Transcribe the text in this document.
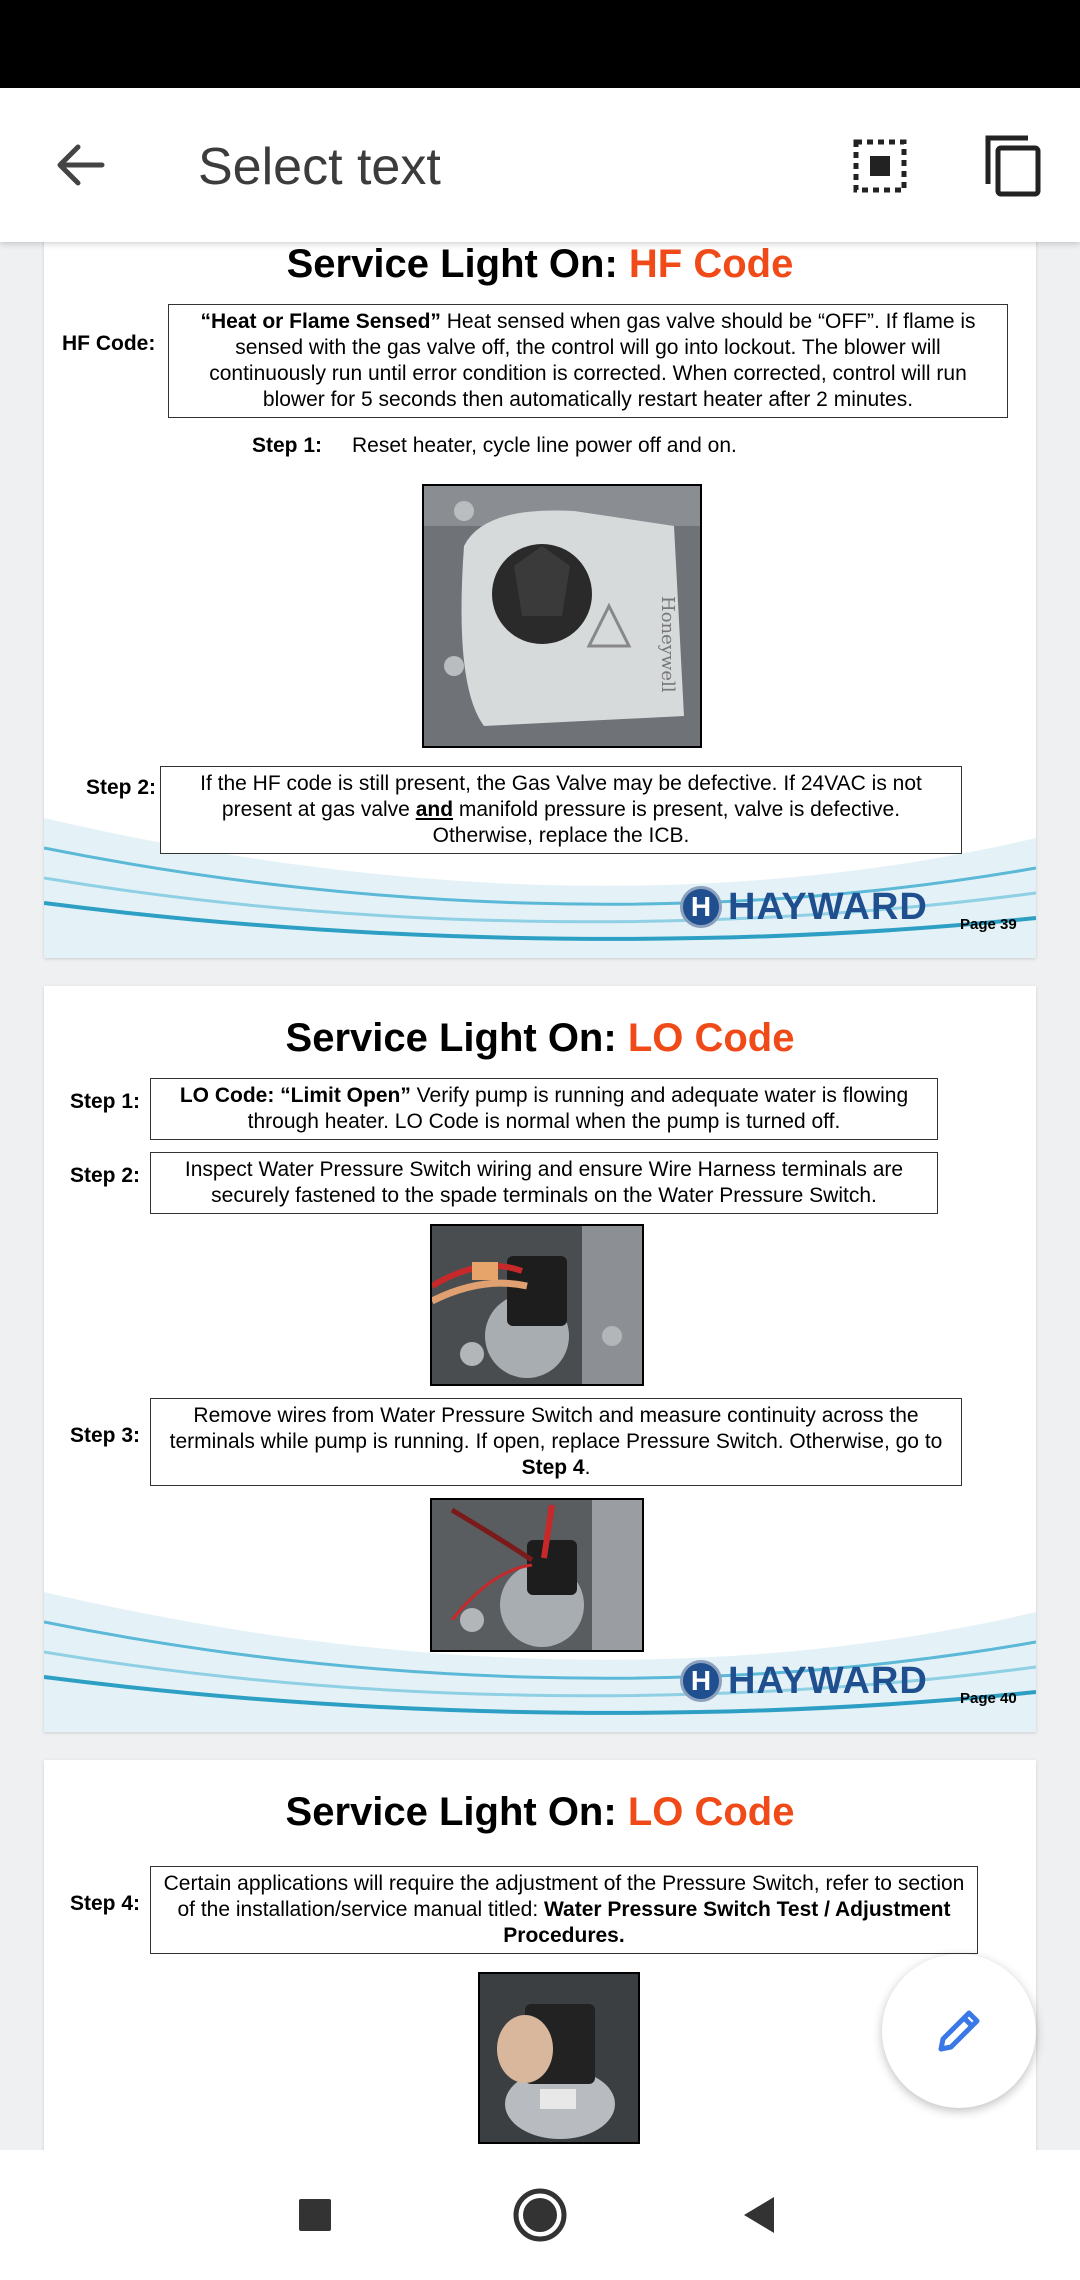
Select text
Service Light On: HF Code
HF Code:
“Heat or Flame Sensed” Heat sensed when gas valve should be “OFF”. If flame is sensed with the gas valve off, the control will go into lockout. The blower will continuously run until error condition is corrected. When corrected, control will run blower for 5 seconds then automatically restart heater after 2 minutes.
Step 1: Reset heater, cycle line power off and on.
Honeywell
Step 2:	If the HF code is still present, the Gas Valve may be defective. If 24VAC is not present at gas valve and manifold pressure is present, valve is defective. Otherwise, replace the ICB.
H HAYWARD Page 39
Service Light On: LO Code
Step 1:	LO Code: “Limit Open” Verify pump is running and adequate water is flowing through heater. LO Code is normal when the pump is turned off.
Step 2:	Inspect Water Pressure Switch wiring and ensure Wire Harness terminals are securely fastened to the spade terminals on the Water Pressure Switch.
Step 3:
Remove wires from Water Pressure Switch and measure continuity across the terminals while pump is running. If open, replace Pressure Switch. Otherwise, go to Step 4.
H HAYWARD Page 40
Service Light On: LO Code
Step 4:
Certain applications will require the adjustment of the Pressure Switch, refer to section of the installation/service manual titled: Water Pressure Switch Test / Adjustment Procedures.
